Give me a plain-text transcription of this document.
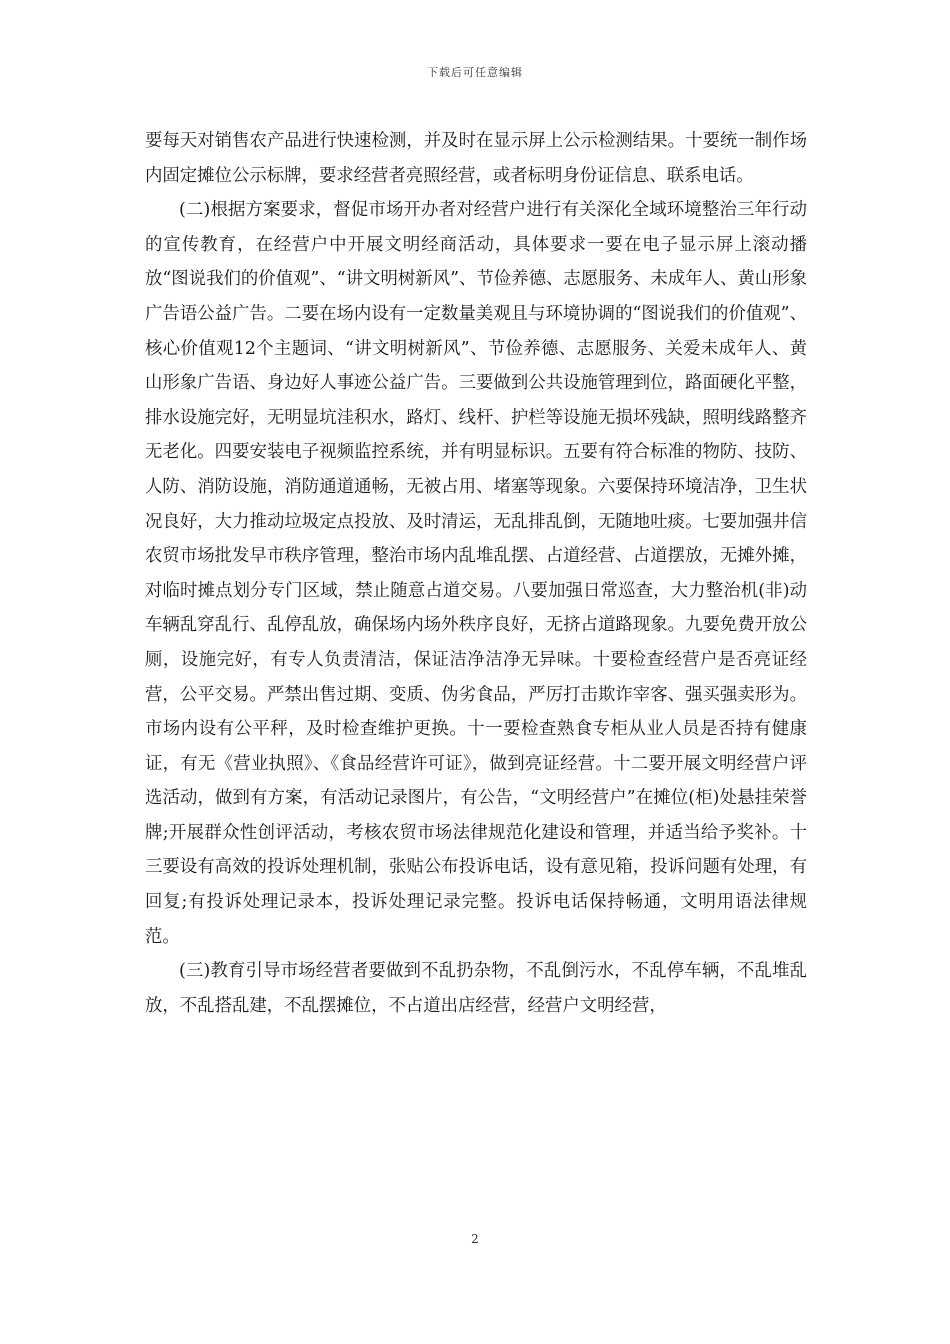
下载后可任意编辑

要每天对销售农产品进行快速检测，并及时在显示屏上公示检测结果。十要统一制作场内固定摊位公示标牌，要求经营者亮照经营，或者标明身份证信息、联系电话。

(二)根据方案要求，督促市场开办者对经营户进行有关深化全域环境整治三年行动的宣传教育，在经营户中开展文明经商活动，具体要求一要在电子显示屏上滚动播放“图说我们的价值观”、“讲文明树新风”、节俭养德、志愿服务、未成年人、黄山形象广告语公益广告。二要在场内设有一定数量美观且与环境协调的“图说我们的价值观”、核心价值观12个主题词、“讲文明树新风”、节俭养德、志愿服务、关爱未成年人、黄山形象广告语、身边好人事迹公益广告。三要做到公共设施管理到位，路面硬化平整，排水设施完好，无明显坑洼积水，路灯、线杆、护栏等设施无损坏残缺，照明线路整齐无老化。四要安装电子视频监控系统，并有明显标识。五要有符合标准的物防、技防、人防、消防设施，消防通道通畅，无被占用、堵塞等现象。六要保持环境洁净，卫生状况良好，大力推动垃圾定点投放、及时清运，无乱排乱倒，无随地吐痰。七要加强井信农贸市场批发早市秩序管理，整治市场内乱堆乱摆、占道经营、占道摆放，无摊外摊，对临时摊点划分专门区域，禁止随意占道交易。八要加强日常巡查，大力整治机(非)动车辆乱穿乱行、乱停乱放，确保场内场外秩序良好，无挤占道路现象。九要免费开放公厕，设施完好，有专人负责清洁，保证洁净洁净无异味。十要检查经营户是否亮证经营，公平交易。严禁出售过期、变质、伪劣食品，严厉打击欺诈宰客、强买强卖形为。市场内设有公平秤，及时检查维护更换。十一要检查熟食专柜从业人员是否持有健康证，有无《营业执照》、《食品经营许可证》，做到亮证经营。十二要开展文明经营户评选活动，做到有方案，有活动记录图片，有公告，“文明经营户”在摊位(柜)处悬挂荣誉牌;开展群众性创评活动，考核农贸市场法律规范化建设和管理，并适当给予奖补。十三要设有高效的投诉处理机制，张贴公布投诉电话，设有意见箱，投诉问题有处理，有回复;有投诉处理记录本，投诉处理记录完整。投诉电话保持畅通，文明用语法律规范。

(三)教育引导市场经营者要做到不乱扔杂物，不乱倒污水，不乱停车辆，不乱堆乱放，不乱搭乱建，不乱摆摊位，不占道出店经营，经营户文明经营，

2
